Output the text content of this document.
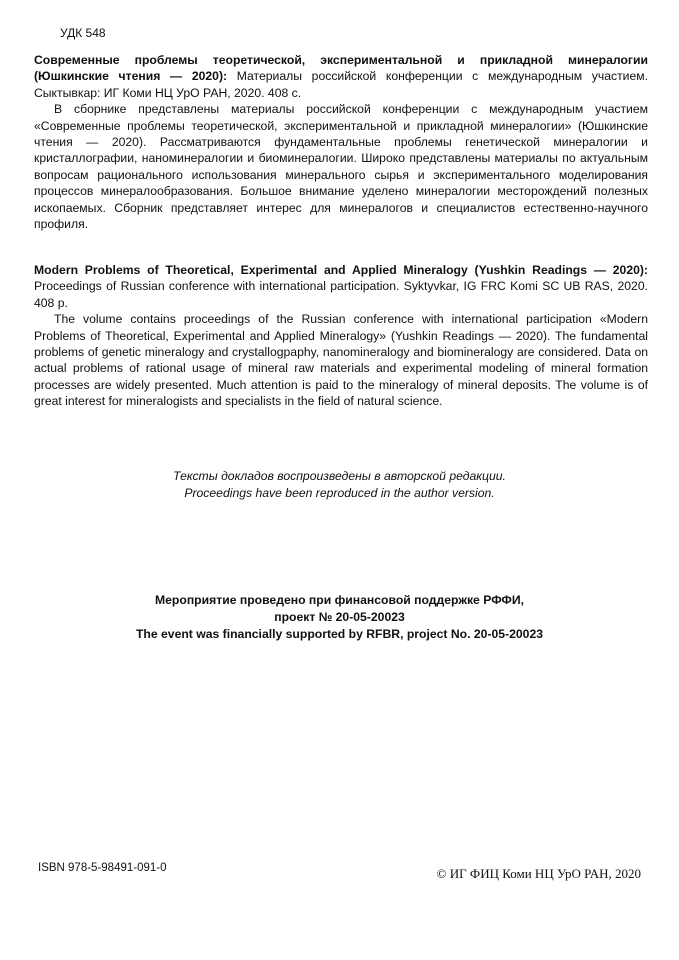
УДК 548

Современные проблемы теоретической, экспериментальной и прикладной минералогии (Юшкинские чтения — 2020): Материалы российской конференции с международным участием. Сыктывкар: ИГ Коми НЦ УрО РАН, 2020. 408 с.

В сборнике представлены материалы российской конференции с международным участием «Современные проблемы теоретической, экспериментальной и прикладной минералогии» (Юшкинские чтения — 2020). Рассматриваются фундаментальные проблемы генетической минералогии и кристаллографии, наноминералогии и биоминералогии. Широко представлены материалы по актуальным вопросам рационального использования минерального сырья и экспериментального моделирования процессов минералообразования. Большое внимание уделено минералогии месторождений полезных ископаемых. Сборник представляет интерес для минералогов и специалистов естественно-научного профиля.

Modern Problems of Theoretical, Experimental and Applied Mineralogy (Yushkin Readings — 2020): Proceedings of Russian conference with international participation. Syktyvkar, IG FRC Komi SC UB RAS, 2020. 408 p.

The volume contains proceedings of the Russian conference with international participation «Modern Problems of Theoretical, Experimental and Applied Mineralogy» (Yushkin Readings — 2020). The fundamental problems of genetic mineralogy and crystallogpaphy, nanomineralogy and biomineralogy are considered. Data on actual problems of rational usage of mineral raw materials and experimental modeling of mineral formation processes are widely presented. Much attention is paid to the mineralogy of mineral deposits. The volume is of great interest for mineralogists and specialists in the field of natural science.

Тексты докладов воспроизведены в авторской редакции.
Proceedings have been reproduced in the author version.
Мероприятие проведено при финансовой поддержке РФФИ,
проект № 20-05-20023
The event was financially supported by RFBR, project No. 20-05-20023
ISBN 978-5-98491-091-0	© ИГ ФИЦ Коми НЦ УрО РАН, 2020
